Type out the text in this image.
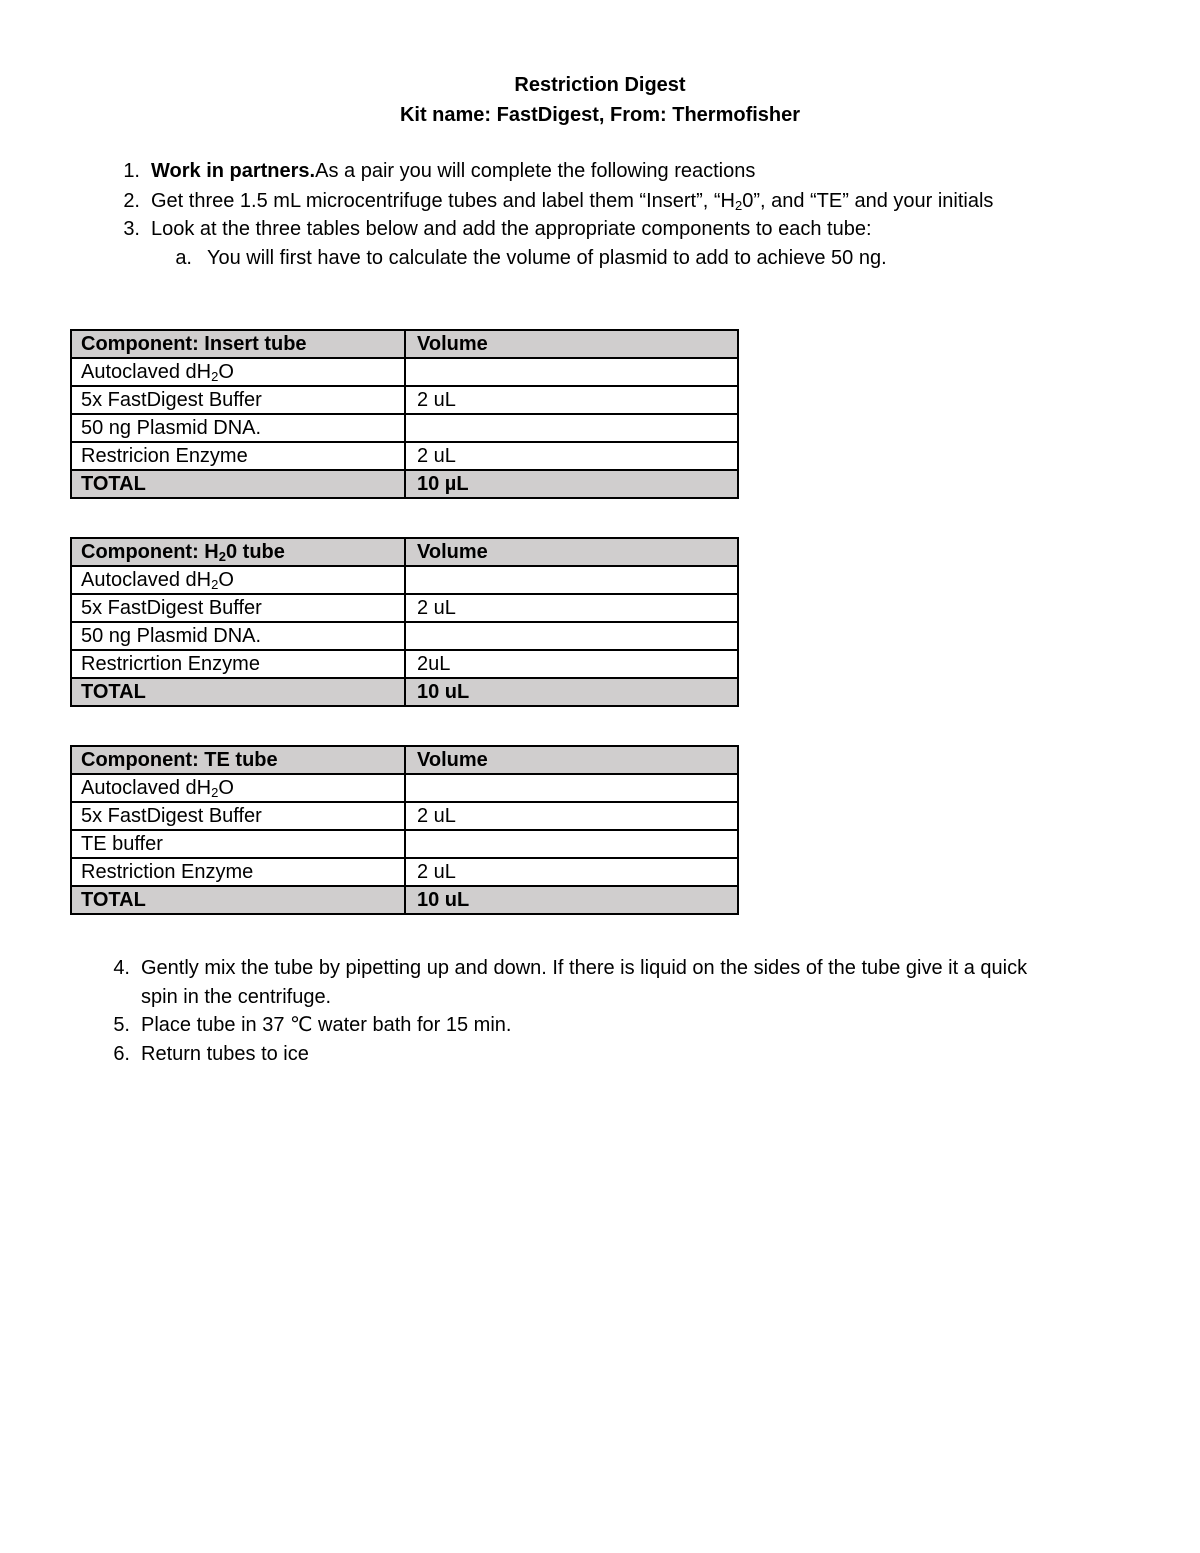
Restriction Digest
Kit name: FastDigest, From: Thermofisher
1. Work in partners.As a pair you will complete the following reactions
2. Get three 1.5 mL microcentrifuge tubes and label them “Insert”, “$H_20$”, and “TE” and your initials
3. Look at the three tables below and add the appropriate components to each tube:
a. You will first have to calculate the volume of plasmid to add to achieve 50 ng.
Component: Insert tube	Volume
Autoclaved $dH_2O$	
5x FastDigest Buffer	2 uL
50 ng Plasmid DNA.	
Restricion Enzyme	2 uL
TOTAL	10 µL
Component: $H_20$ tube	Volume
Autoclaved $dH_2O$	
5x FastDigest Buffer	2 uL
50 ng Plasmid DNA.	
Restricrtion Enzyme	2uL
TOTAL	10 uL
Component: TE tube	Volume
Autoclaved $dH_2O$	
5x FastDigest Buffer	2 uL
TE buffer	
Restriction Enzyme	2 uL
TOTAL	10 uL
4. Gently mix the tube by pipetting up and down. If there is liquid on the sides of the tube give it a quick
spin in the centrifuge.
5. Place tube in 37 ℃ water bath for 15 min.
6. Return tubes to ice
